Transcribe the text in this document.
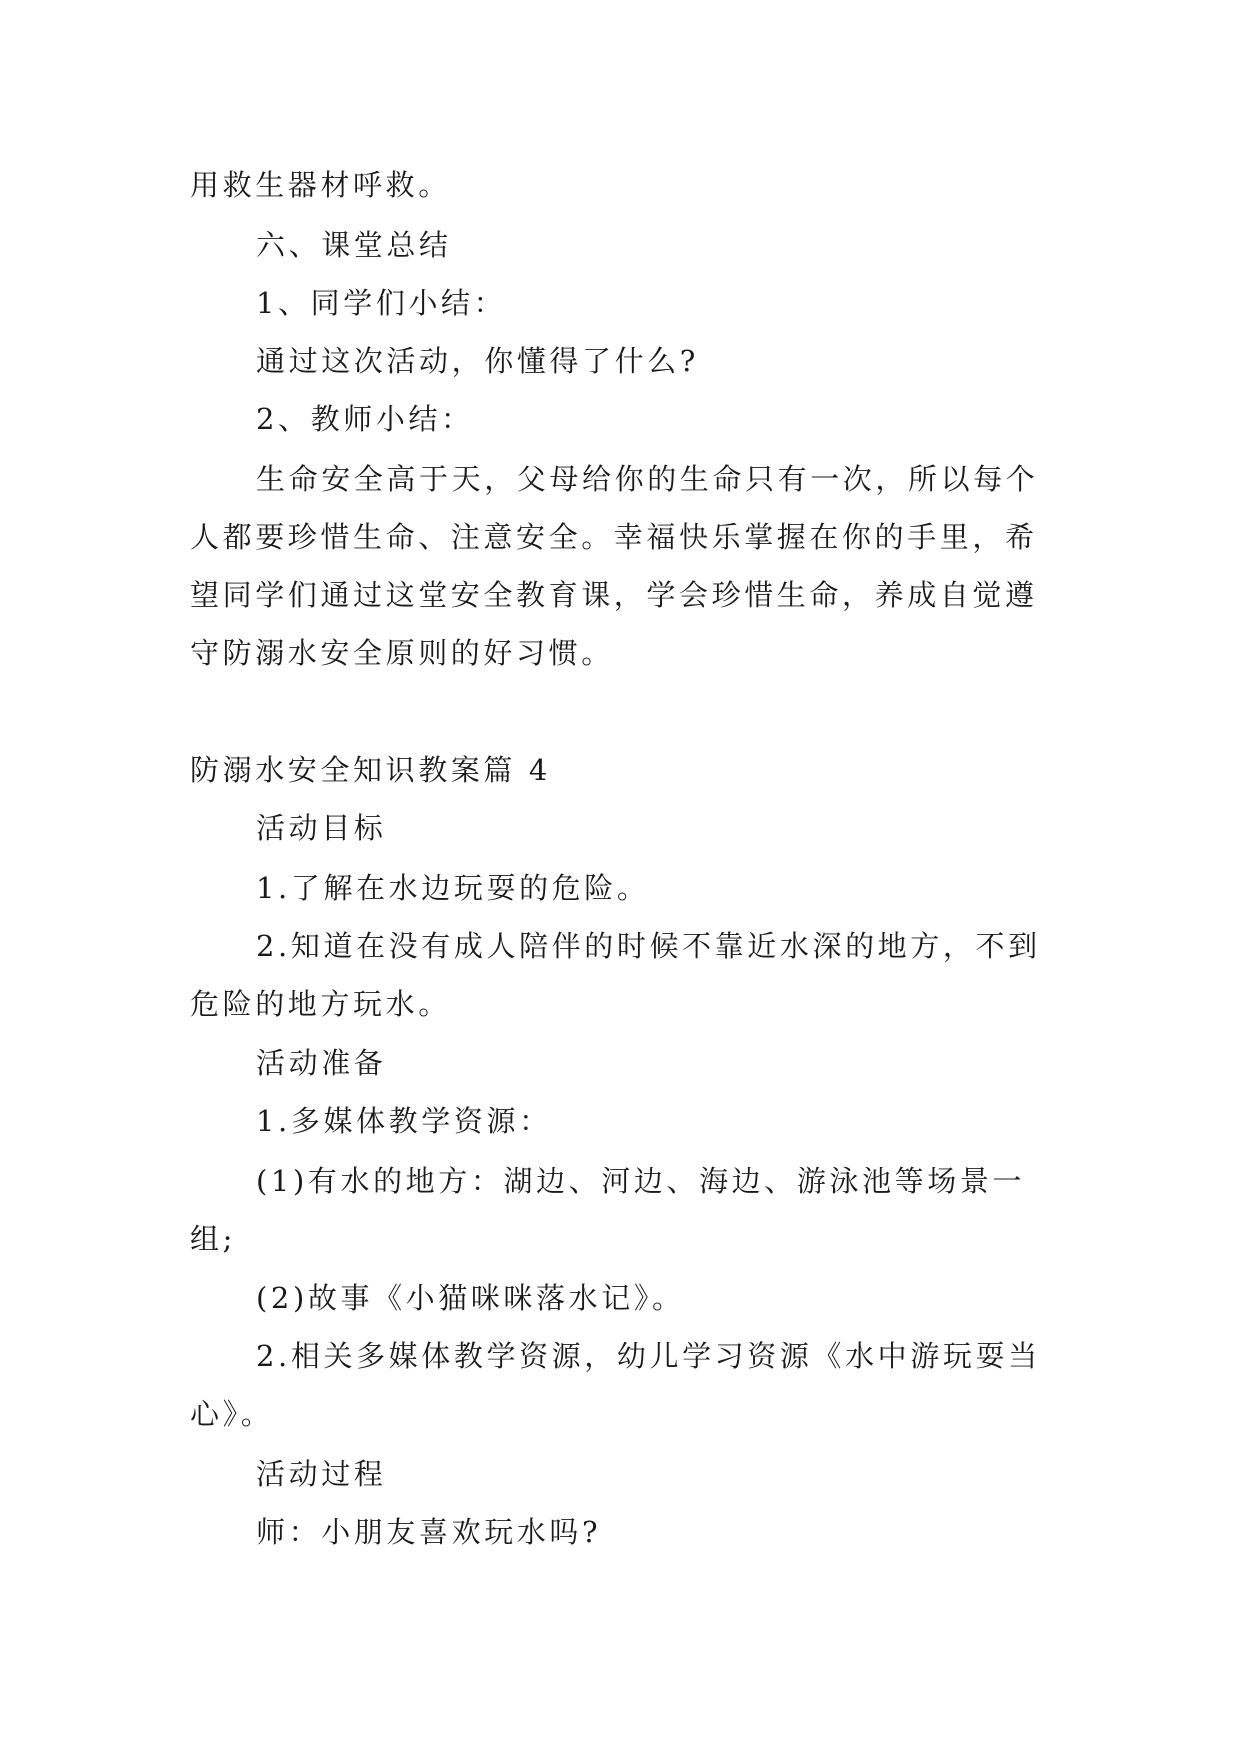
用救生器材呼救。
六、课堂总结
1、同学们小结：
通过这次活动，你懂得了什么?
2、教师小结：
生命安全高于天，父母给你的生命只有一次，所以每个
人都要珍惜生命、注意安全。幸福快乐掌握在你的手里，希
望同学们通过这堂安全教育课，学会珍惜生命，养成自觉遵
守防溺水安全原则的好习惯。
防溺水安全知识教案篇 4
活动目标
1.了解在水边玩耍的危险。
2.知道在没有成人陪伴的时候不靠近水深的地方，不到
危险的地方玩水。
活动准备
1.多媒体教学资源：
(1)有水的地方：湖边、河边、海边、游泳池等场景一
组;
(2)故事《小猫咪咪落水记》。
2.相关多媒体教学资源，幼儿学习资源《水中游玩耍当
心》。
活动过程
师：小朋友喜欢玩水吗?
